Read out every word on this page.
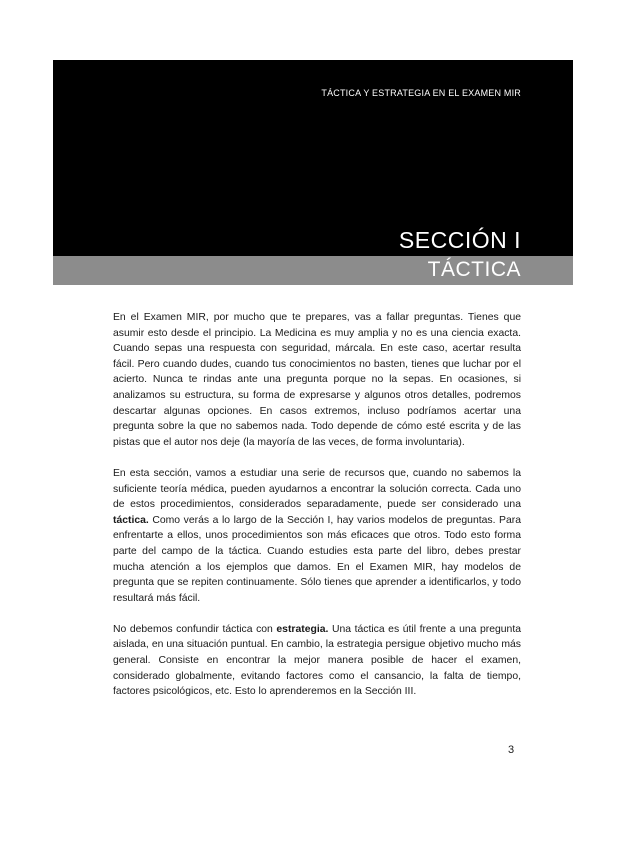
TÁCTICA Y ESTRATEGIA EN EL EXAMEN MIR
SECCIÓN I
TÁCTICA

En el Examen MIR, por mucho que te prepares, vas a fallar preguntas. Tienes que asumir esto desde el principio. La Medicina es muy amplia y no es una ciencia exacta. Cuando sepas una respuesta con seguridad, márcala. En este caso, acertar resulta fácil. Pero cuando dudes, cuando tus conocimientos no basten, tienes que luchar por el acierto. Nunca te rindas ante una pregunta porque no la sepas. En ocasiones, si analizamos su estructura, su forma de expresarse y algunos otros detalles, podremos descartar algunas opciones. En casos extremos, incluso podríamos acertar una pregunta sobre la que no sabemos nada. Todo depende de cómo esté escrita y de las pistas que el autor nos deje (la mayoría de las veces, de forma involuntaria).

En esta sección, vamos a estudiar una serie de recursos que, cuando no sabemos la suficiente teoría médica, pueden ayudarnos a encontrar la solución correcta. Cada uno de estos procedimientos, considerados separadamente, puede ser considerado una táctica. Como verás a lo largo de la Sección I, hay varios modelos de preguntas. Para enfrentarte a ellos, unos procedimientos son más eficaces que otros. Todo esto forma parte del campo de la táctica. Cuando estudies esta parte del libro, debes prestar mucha atención a los ejemplos que damos. En el Examen MIR, hay modelos de pregunta que se repiten continuamente. Sólo tienes que aprender a identificarlos, y todo resultará más fácil.

No debemos confundir táctica con estrategia. Una táctica es útil frente a una pregunta aislada, en una situación puntual. En cambio, la estrategia persigue objetivo mucho más general. Consiste en encontrar la mejor manera posible de hacer el examen, considerado globalmente, evitando factores como el cansancio, la falta de tiempo, factores psicológicos, etc. Esto lo aprenderemos en la Sección III.

3
